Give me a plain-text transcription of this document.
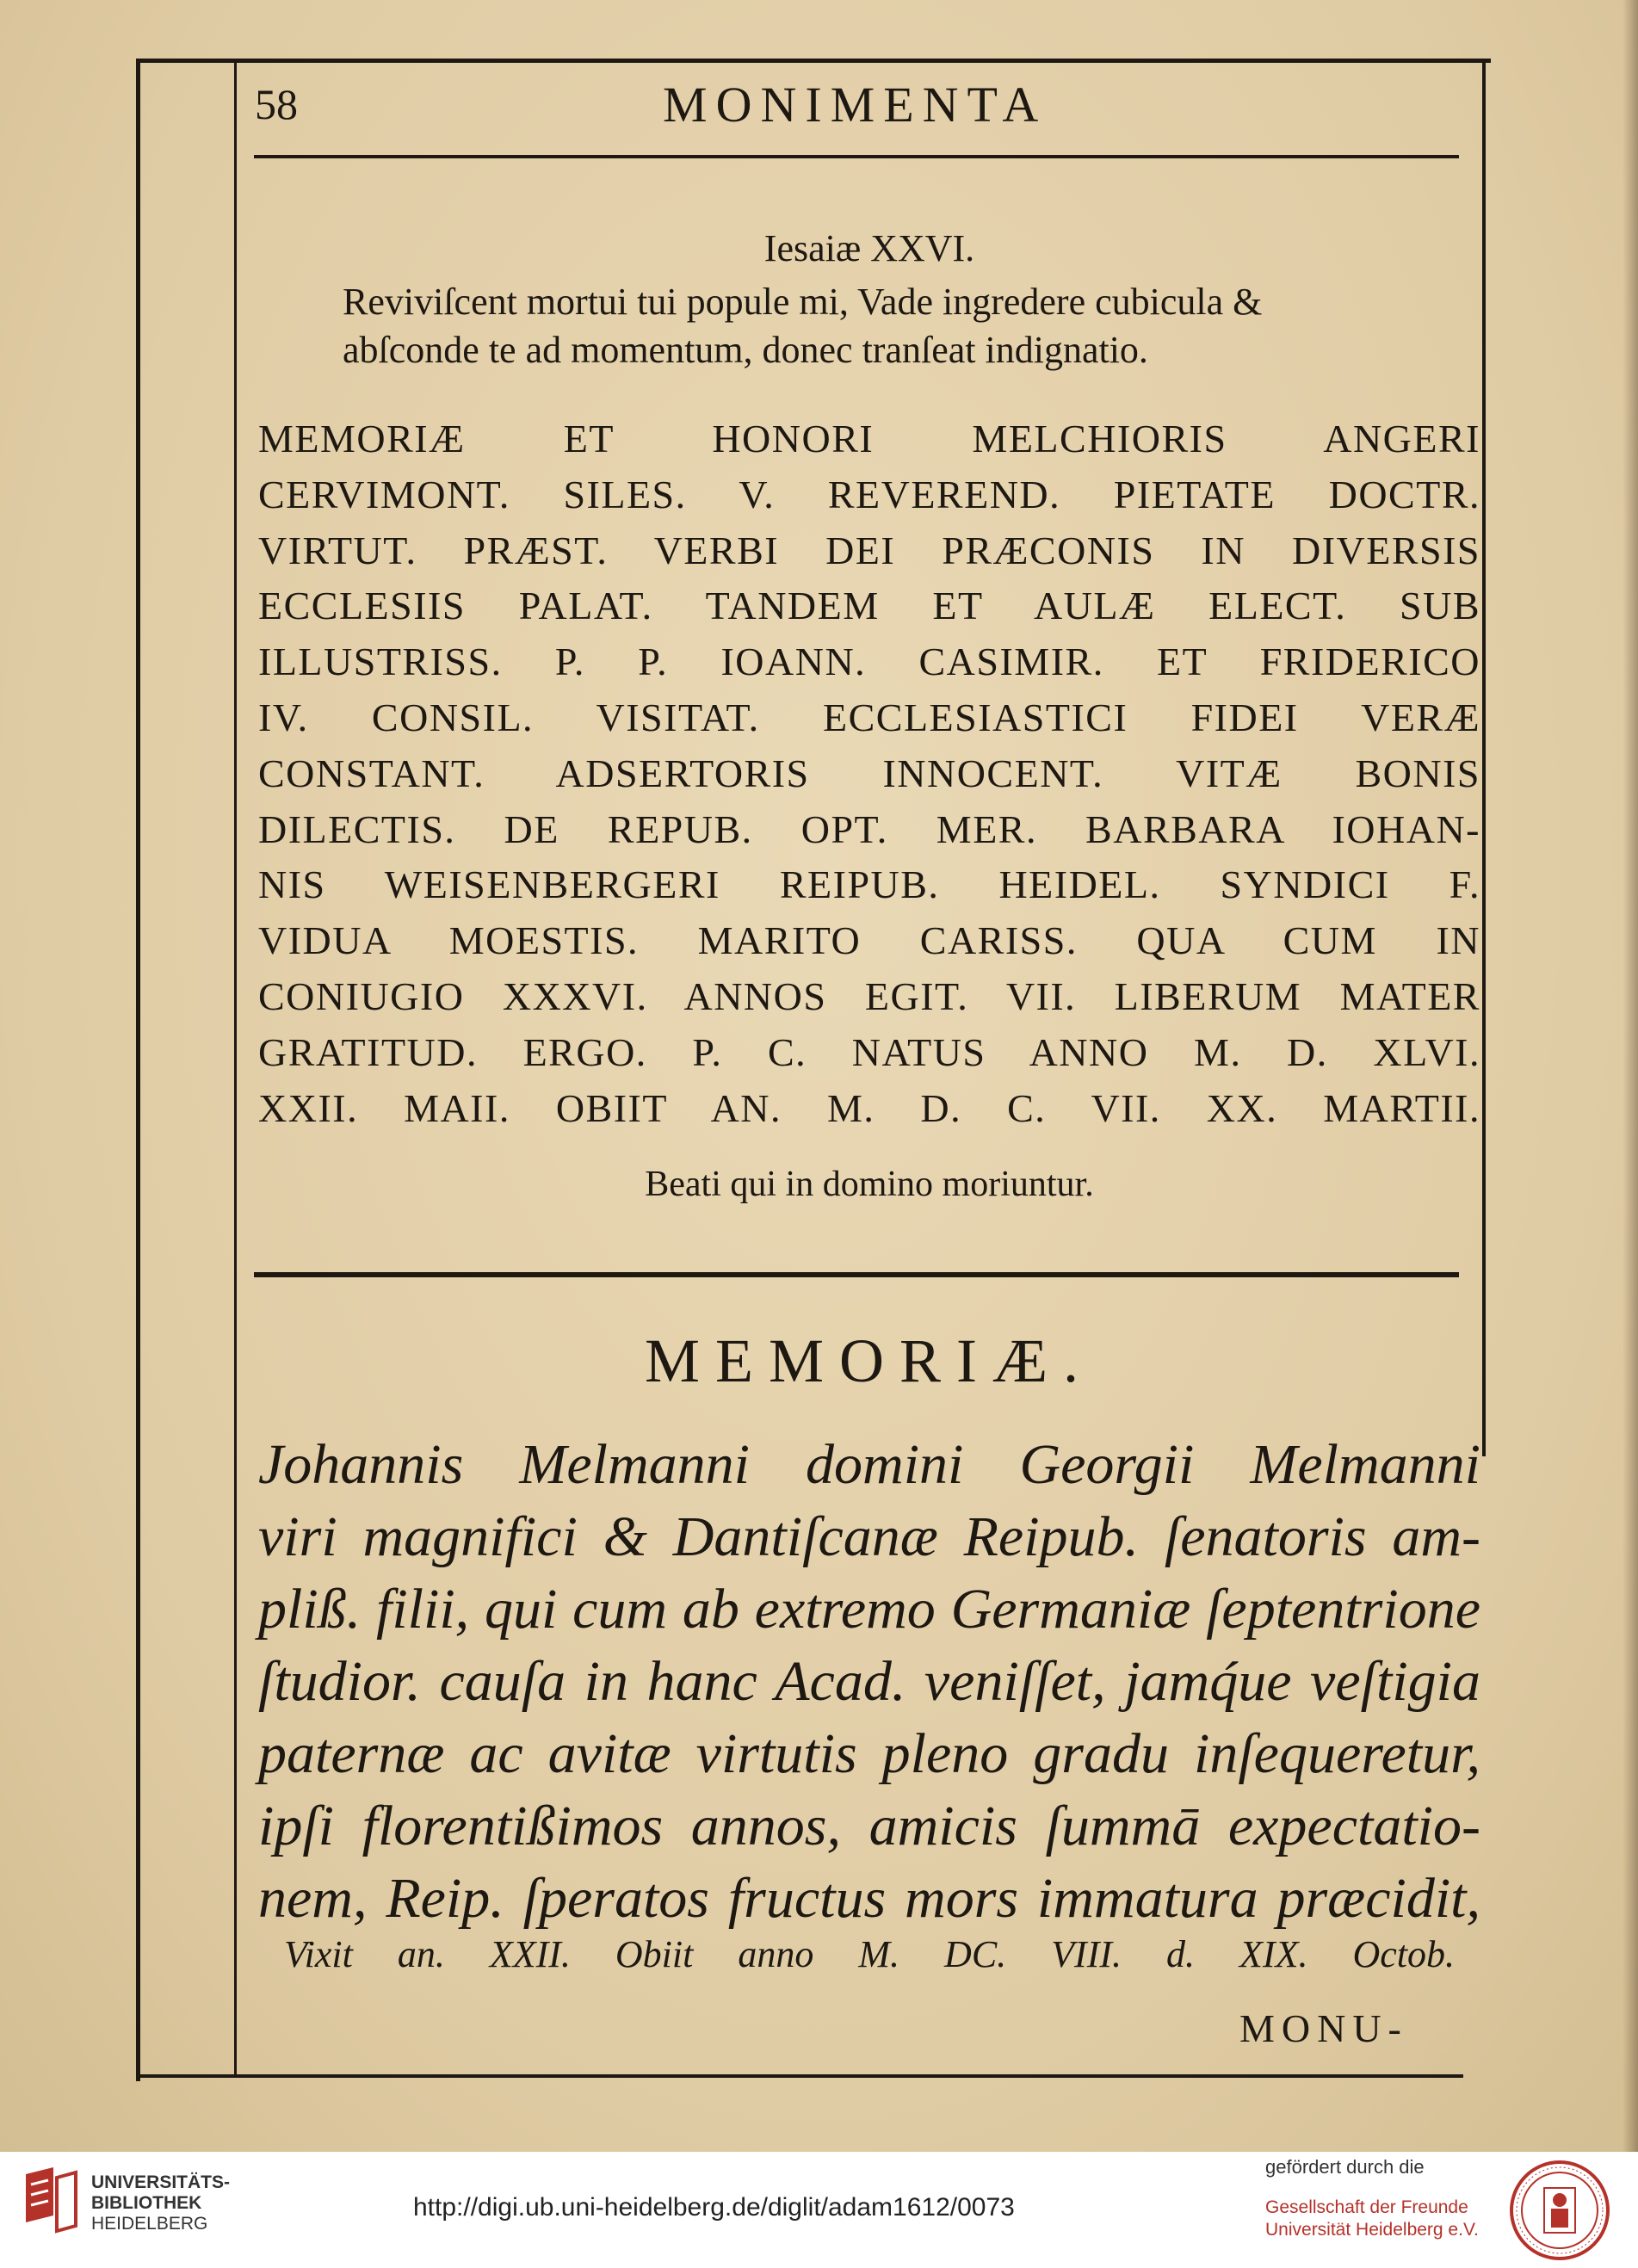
58	MONIMENTA
Iesaiæ XXVI.
Reviviſcent mortui tui popule mi, Vade ingredere cubicula &
abſconde te ad momentum, donec tranſeat indignatio.
MEMORIÆ ET HONORI MELCHIORIS ANGERI
CERVIMONT. SILES. V. REVEREND. PIETATE DOCTR.
VIRTUT. PRÆST. VERBI DEI PRÆCONIS IN DIVERSIS
ECCLESIIS PALAT. TANDEM ET AULÆ ELECT. SUB
ILLUSTRISS. P. P. IOANN. CASIMIR. ET FRIDERICO
IV. CONSIL. VISITAT. ECCLESIASTICI FIDEI VERÆ
CONSTANT. ADSERTORIS INNOCENT. VITÆ BONIS
DILECTIS. DE REPUB. OPT. MER. BARBARA IOHAN-
NIS WEISENBERGERI REIPUB. HEIDEL. SYNDICI F.
VIDUA MOESTIS. MARITO CARISS. QUA CUM IN
CONIUGIO XXXVI. ANNOS EGIT. VII. LIBERUM MATER
GRATITUD. ERGO. P. C. NATUS ANNO M. D. XLVI.
XXII. MAII. OBIIT AN. M. D. C. VII. XX. MARTII.
Beati qui in domino moriuntur.
MEMORIÆ.
Johannis Melmanni domini Georgii Melmanni
viri magnifici & Dantiſcanæ Reipub. ſenatoris am-
pliß. filii, qui cum ab extremo Germaniæ ſeptentrione
ſtudior. cauſa in hanc Acad. veniſſet, jamq́ue veſtigia
paternæ ac avitæ virtutis pleno gradu inſequeretur,
ipſi florentißimos annos, amicis ſummā expectatio-
nem, Reip. ſperatos fructus mors immatura præcidit,
Vixit an. XXII. Obiit anno M. DC. VIII. d. XIX. Octob.
MONU-
UNIVERSITÄTS-
BIBLIOTHEK
HEIDELBERG
http://digi.ub.uni-heidelberg.de/diglit/adam1612/0073
gefördert durch die
Gesellschaft der Freunde
Universität Heidelberg e.V.
